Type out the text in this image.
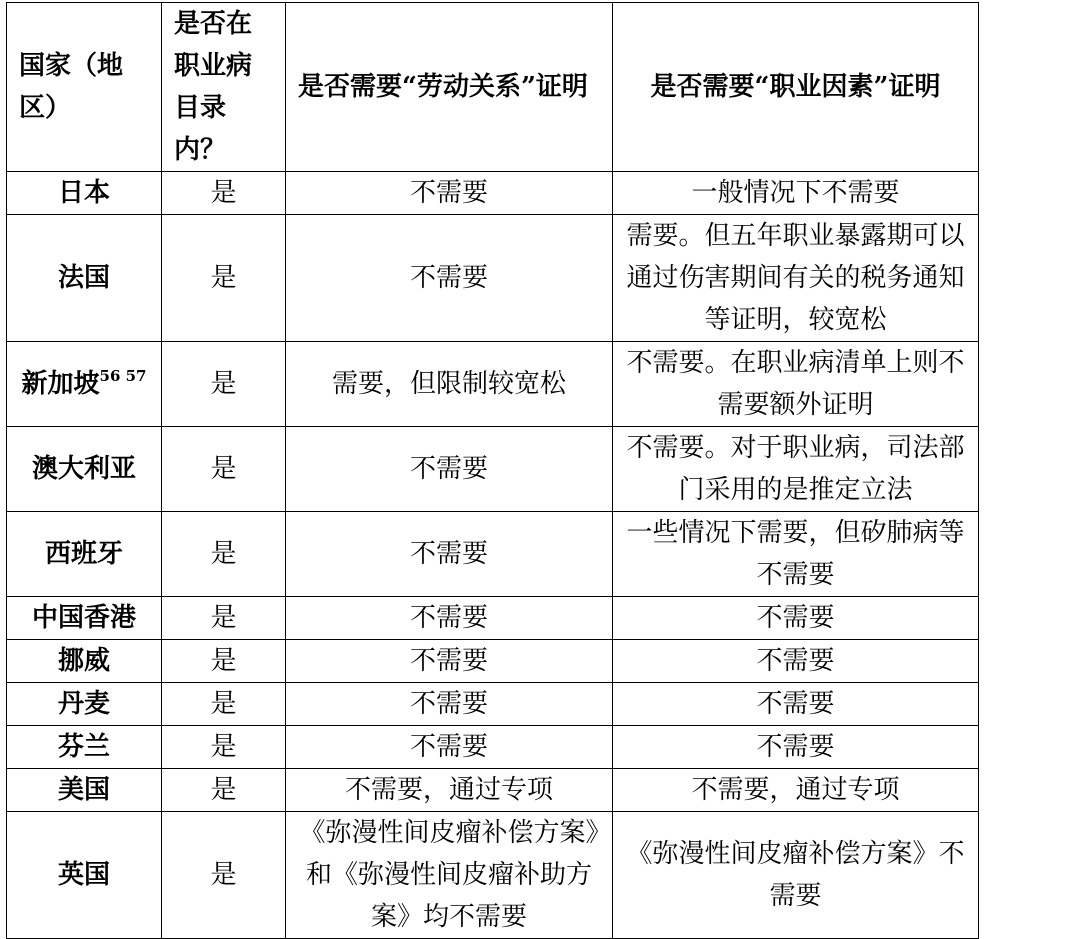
国家（地区）	是否在职业病目录内？	是否需要“劳动关系”证明	是否需要“职业因素”证明
日本	是	不需要	一般情况下不需要
法国	是	不需要	需要。但五年职业暴露期可以通过伤害期间有关的税务通知等证明，较宽松
新加坡$^{56 57}$	是	需要，但限制较宽松	不需要。在职业病清单上则不需要额外证明
澳大利亚	是	不需要	不需要。对于职业病，司法部门采用的是推定立法
西班牙	是	不需要	一些情况下需要，但矽肺病等不需要
中国香港	是	不需要	不需要
挪威	是	不需要	不需要
丹麦	是	不需要	不需要
芬兰	是	不需要	不需要
美国	是	不需要，通过专项	不需要，通过专项
英国	是	《弥漫性间皮瘤补偿方案》和《弥漫性间皮瘤补助方案》均不需要	《弥漫性间皮瘤补偿方案》不需要
